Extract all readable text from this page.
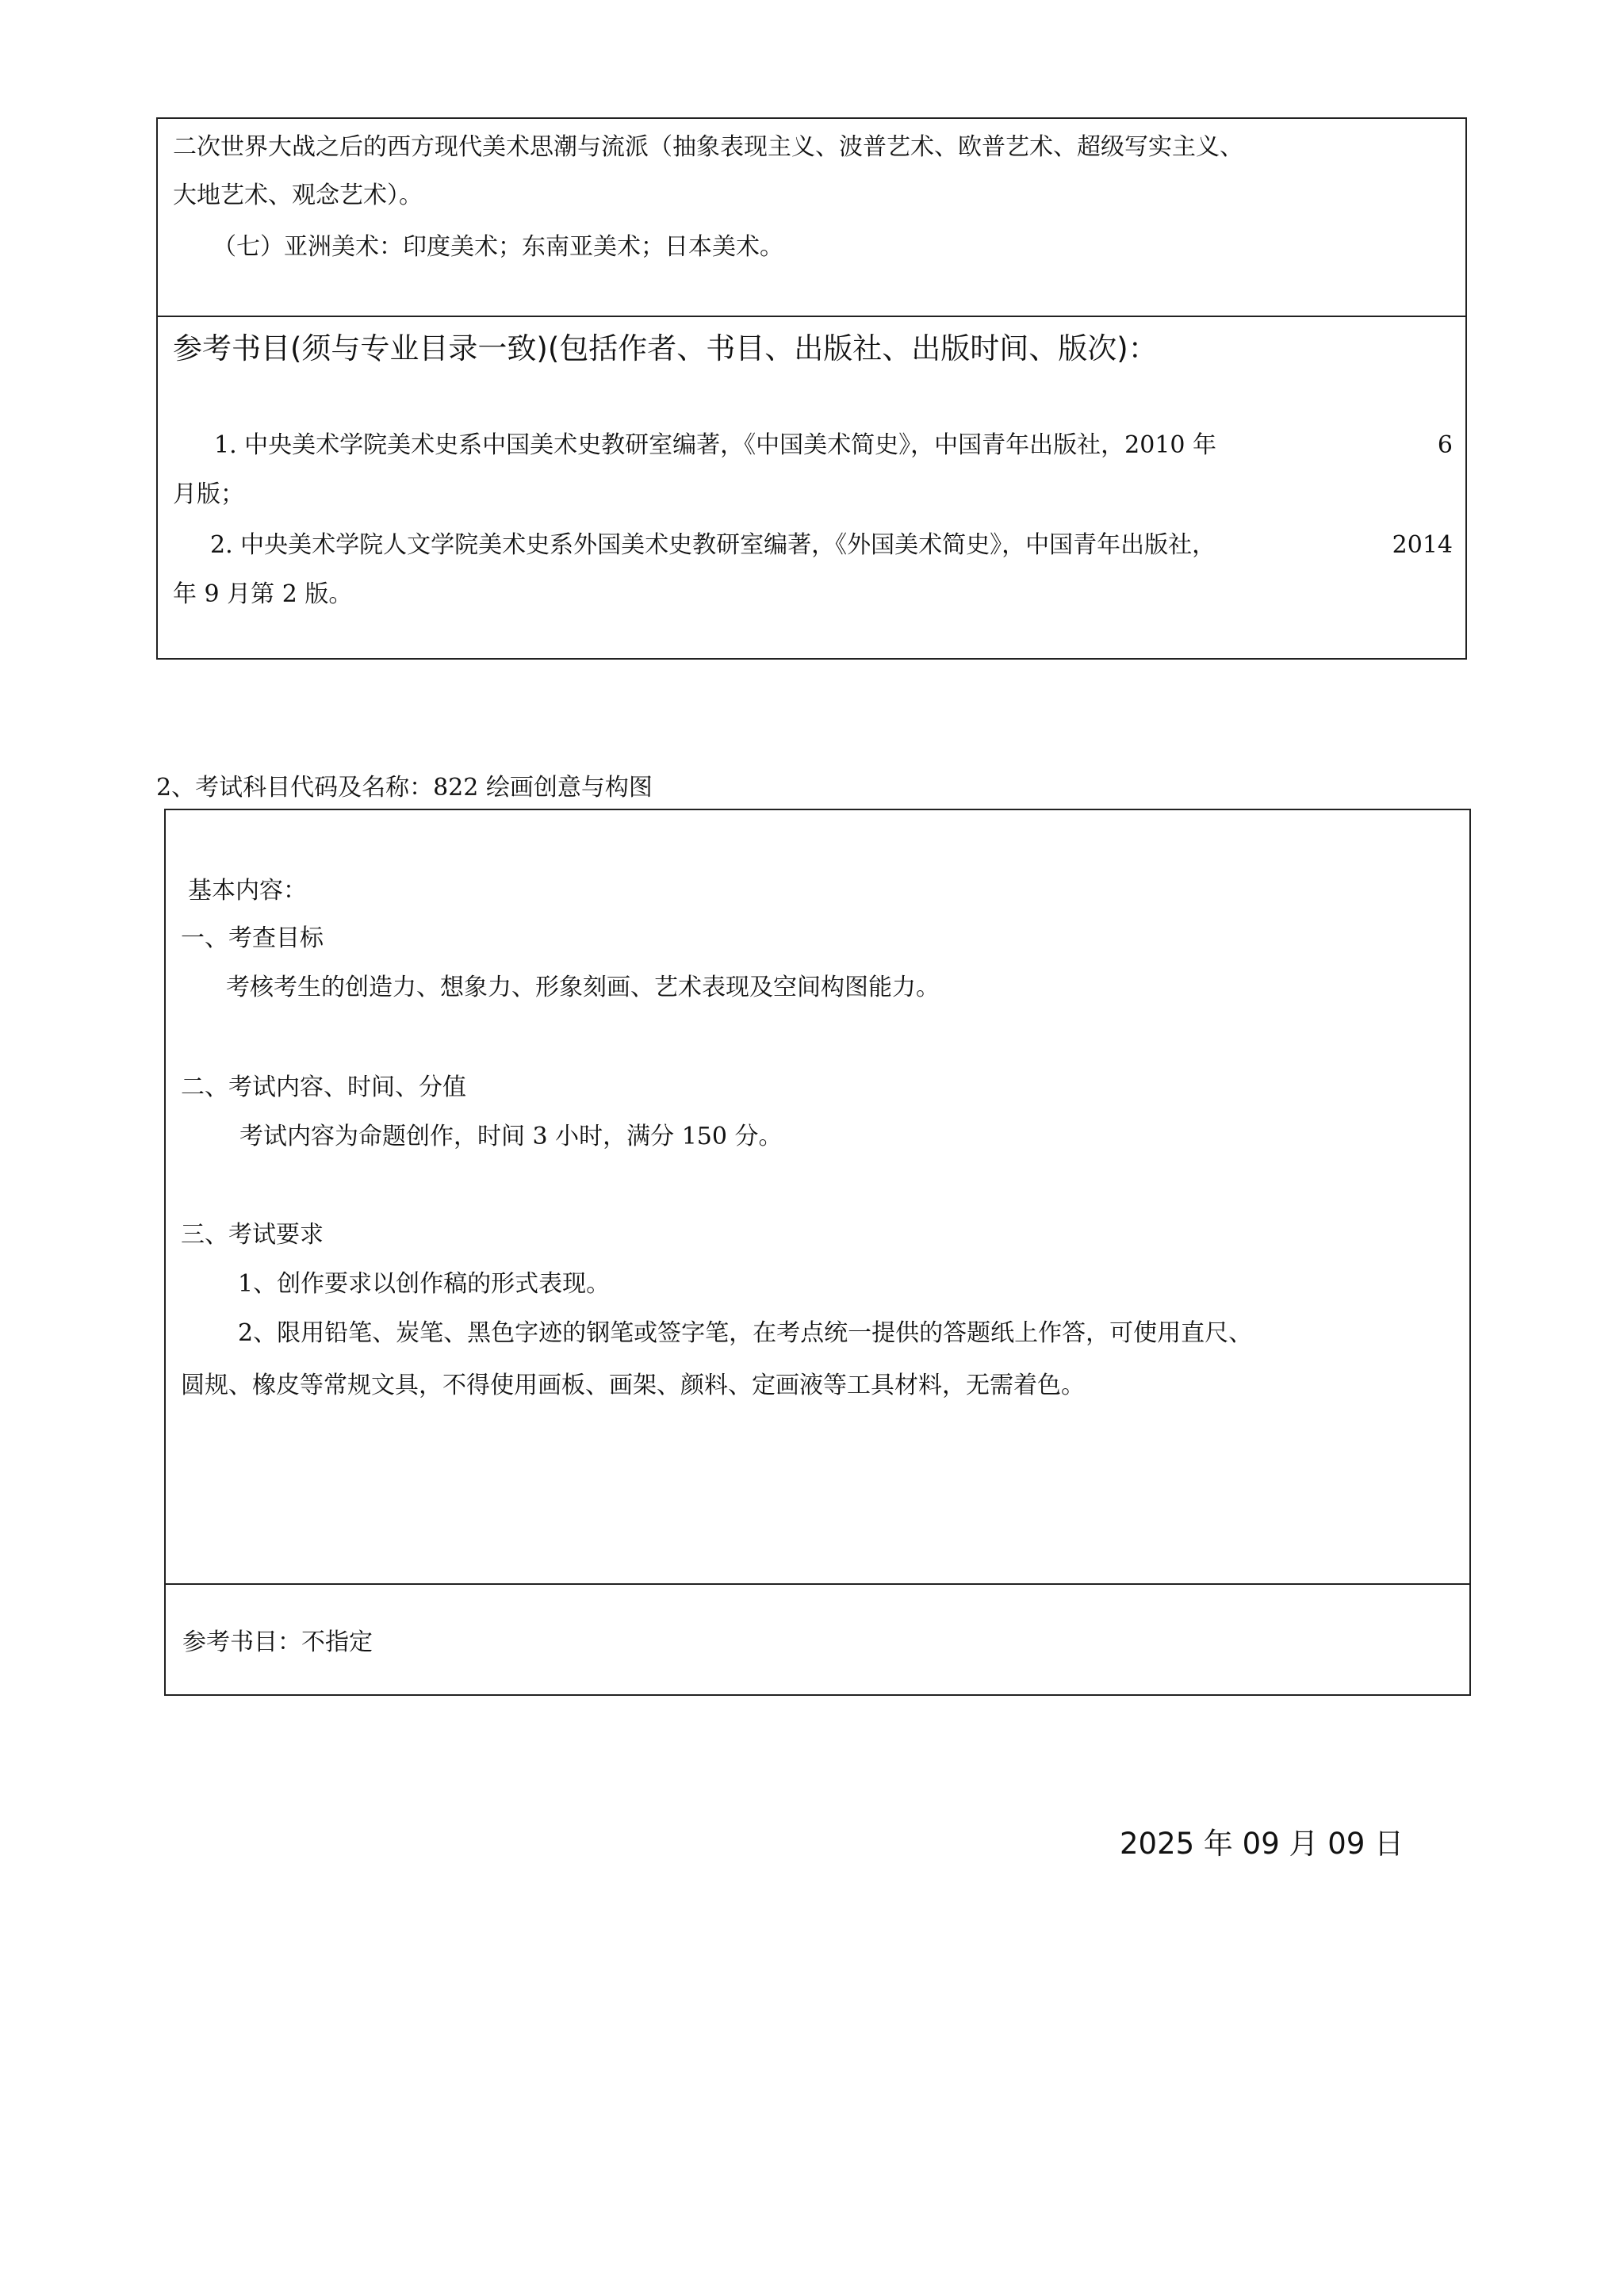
二次世界大战之后的西方现代美术思潮与流派（抽象表现主义、波普艺术、欧普艺术、超级写实主义、
大地艺术、观念艺术）。
（七）亚洲美术：印度美术；东南亚美术；日本美术。
参考书目(须与专业目录一致)(包括作者、书目、出版社、出版时间、版次)：
1. 中央美术学院美术史系中国美术史教研室编著，《中国美术简史》，中国青年出版社，2010 年	6
月版；
2. 中央美术学院人文学院美术史系外国美术史教研室编著，《外国美术简史》，中国青年出版社，	2014
年 9 月第 2 版。
2、考试科目代码及名称：822 绘画创意与构图
基本内容：
一、考查目标
考核考生的创造力、想象力、形象刻画、艺术表现及空间构图能力。
二、考试内容、时间、分值
考试内容为命题创作，时间 3 小时，满分 150 分。
三、考试要求
1、创作要求以创作稿的形式表现。
2、限用铅笔、炭笔、黑色字迹的钢笔或签字笔，在考点统一提供的答题纸上作答，可使用直尺、
圆规、橡皮等常规文具，不得使用画板、画架、颜料、定画液等工具材料，无需着色。
参考书目：不指定
2025 年 09 月 09 日
